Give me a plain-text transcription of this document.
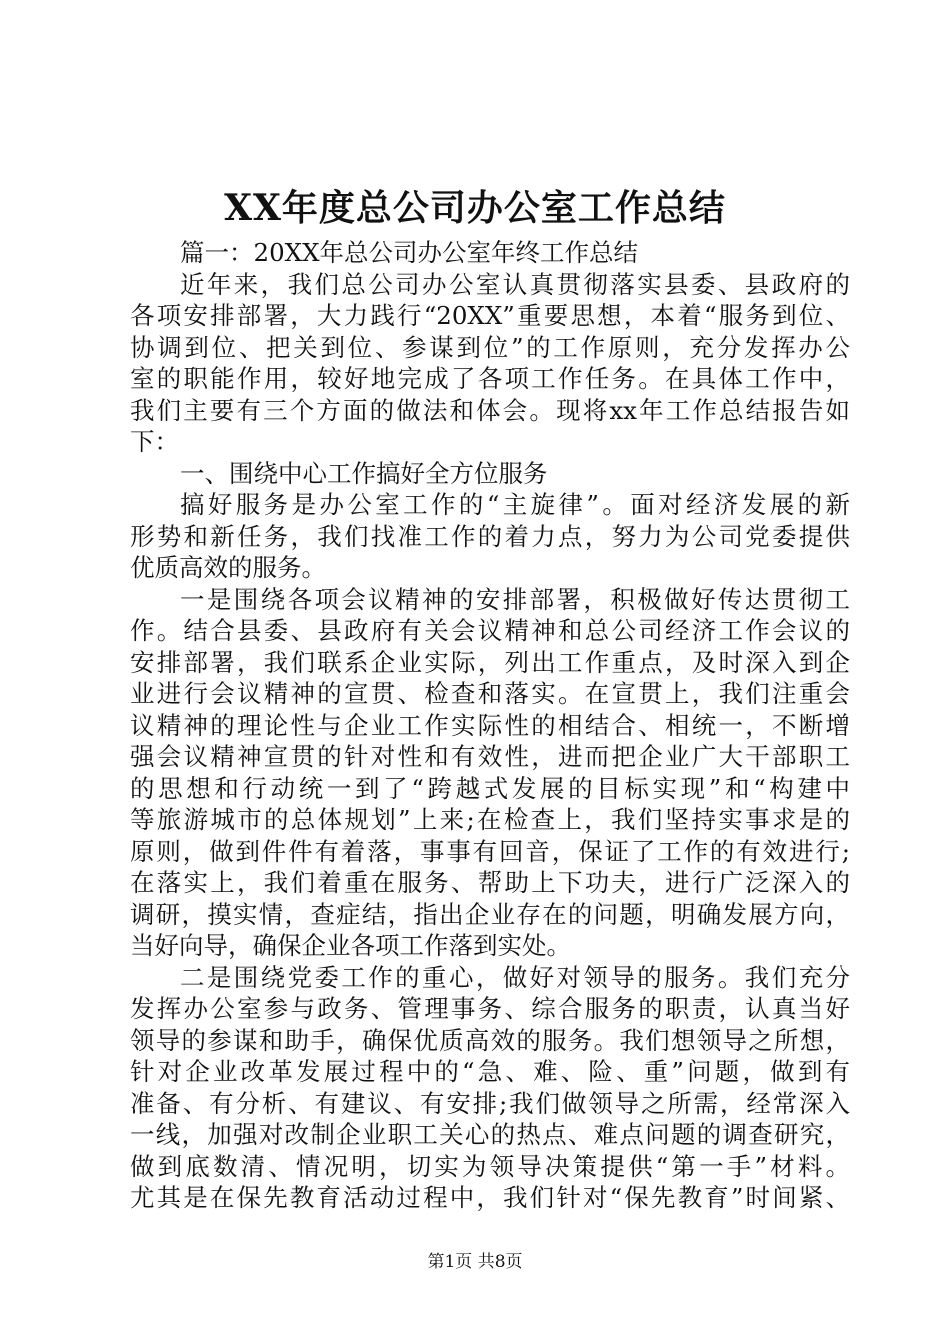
XX年度总公司办公室工作总结
篇一：20XX年总公司办公室年终工作总结
近年来，我们总公司办公室认真贯彻落实县委、县政府的
各项安排部署，大力践行“20XX”重要思想，本着“服务到位、
协调到位、把关到位、参谋到位”的工作原则，充分发挥办公
室的职能作用，较好地完成了各项工作任务。在具体工作中，
我们主要有三个方面的做法和体会。现将xx年工作总结报告如
下：
一、围绕中心工作搞好全方位服务
搞好服务是办公室工作的“主旋律”。面对经济发展的新
形势和新任务，我们找准工作的着力点，努力为公司党委提供
优质高效的服务。
一是围绕各项会议精神的安排部署，积极做好传达贯彻工
作。结合县委、县政府有关会议精神和总公司经济工作会议的
安排部署，我们联系企业实际，列出工作重点，及时深入到企
业进行会议精神的宣贯、检查和落实。在宣贯上，我们注重会
议精神的理论性与企业工作实际性的相结合、相统一，不断增
强会议精神宣贯的针对性和有效性，进而把企业广大干部职工
的思想和行动统一到了“跨越式发展的目标实现”和“构建中
等旅游城市的总体规划”上来;在检查上，我们坚持实事求是的
原则，做到件件有着落，事事有回音，保证了工作的有效进行;
在落实上，我们着重在服务、帮助上下功夫，进行广泛深入的
调研，摸实情，查症结，指出企业存在的问题，明确发展方向，
当好向导，确保企业各项工作落到实处。
二是围绕党委工作的重心，做好对领导的服务。我们充分
发挥办公室参与政务、管理事务、综合服务的职责，认真当好
领导的参谋和助手，确保优质高效的服务。我们想领导之所想，
针对企业改革发展过程中的“急、难、险、重”问题，做到有
准备、有分析、有建议、有安排;我们做领导之所需，经常深入
一线，加强对改制企业职工关心的热点、难点问题的调查研究，
做到底数清、情况明，切实为领导决策提供“第一手”材料。
尤其是在保先教育活动过程中，我们针对“保先教育”时间紧、
第1页 共8页
